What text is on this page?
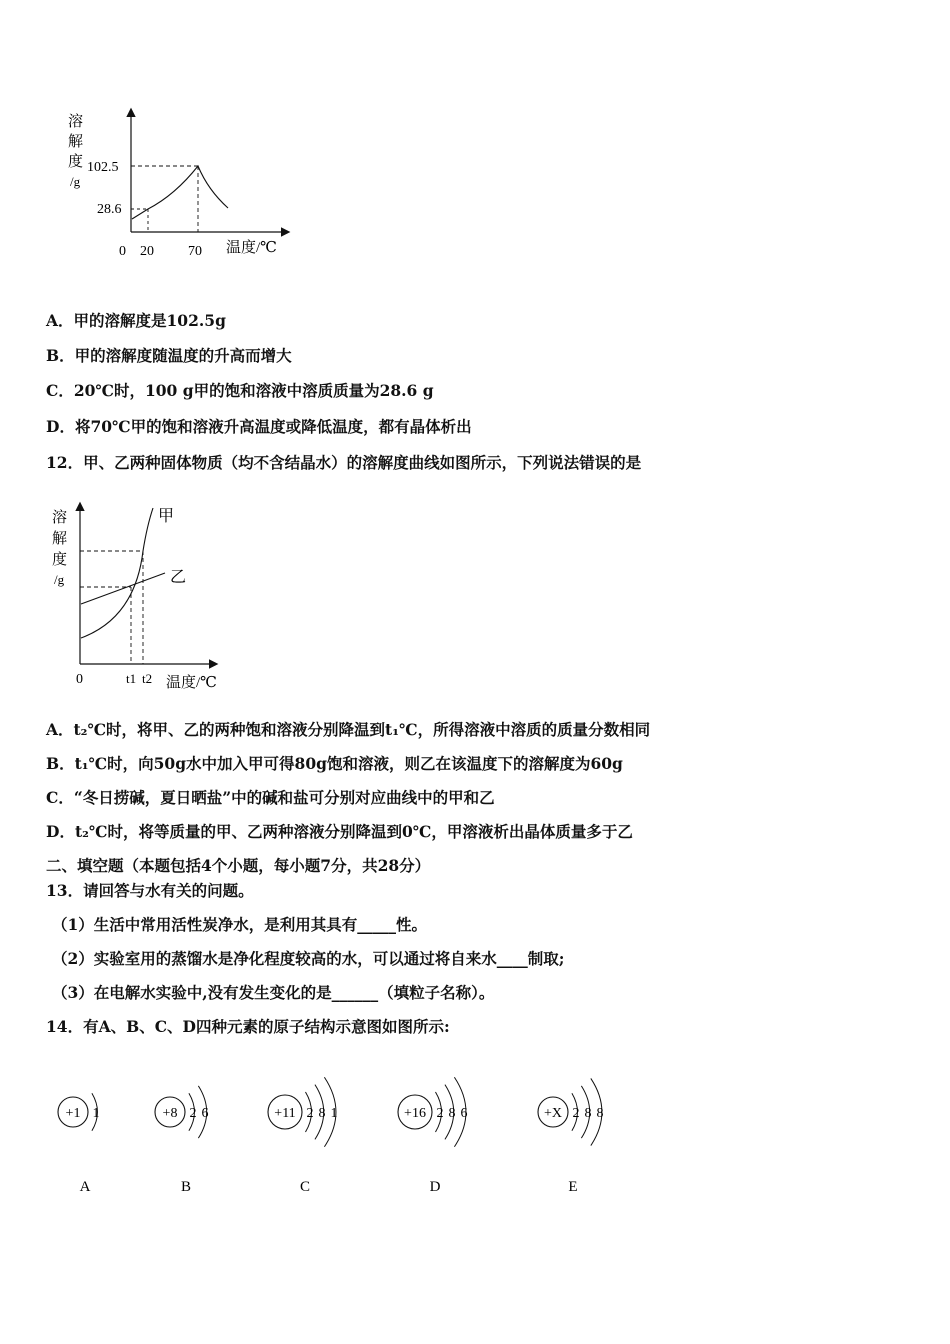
溶
解
度
/g
102.5
28.6
0 20 70 温度/℃
A．甲的溶解度是102.5g
B．甲的溶解度随温度的升高而增大
C．20℃时，100 g甲的饱和溶液中溶质质量为28.6 g
D．将70℃甲的饱和溶液升高温度或降低温度，都有晶体析出
12．甲、乙两种固体物质（均不含结晶水）的溶解度曲线如图所示，下列说法错误的是
溶
解
度
/g
甲
乙
0	t1 t2 温度/℃
A．t₂℃时，将甲、乙的两种饱和溶液分别降温到t₁℃，所得溶液中溶质的质量分数相同
B．t₁℃时，向50g水中加入甲可得80g饱和溶液，则乙在该温度下的溶解度为60g
C．“冬日捞碱，夏日晒盐”中的碱和盐可分别对应曲线中的甲和乙
D．t₂℃时，将等质量的甲、乙两种溶液分别降温到0℃，甲溶液析出晶体质量多于乙
二、填空题（本题包括4个小题，每小题7分，共28分）
13．请回答与水有关的问题。
（1）生活中常用活性炭净水，是利用其具有_____性。
（2）实验室用的蒸馏水是净化程度较高的水，可以通过将自来水____制取;
（3）在电解水实验中,没有发生变化的是______（填粒子名称）。
14．有A、B、C、D四种元素的原子结构示意图如图所示:
+1 1
A
+8 2 6
B
+11 2 8 1
C
+16 2 8 6
D
+X 2 8 8
E
